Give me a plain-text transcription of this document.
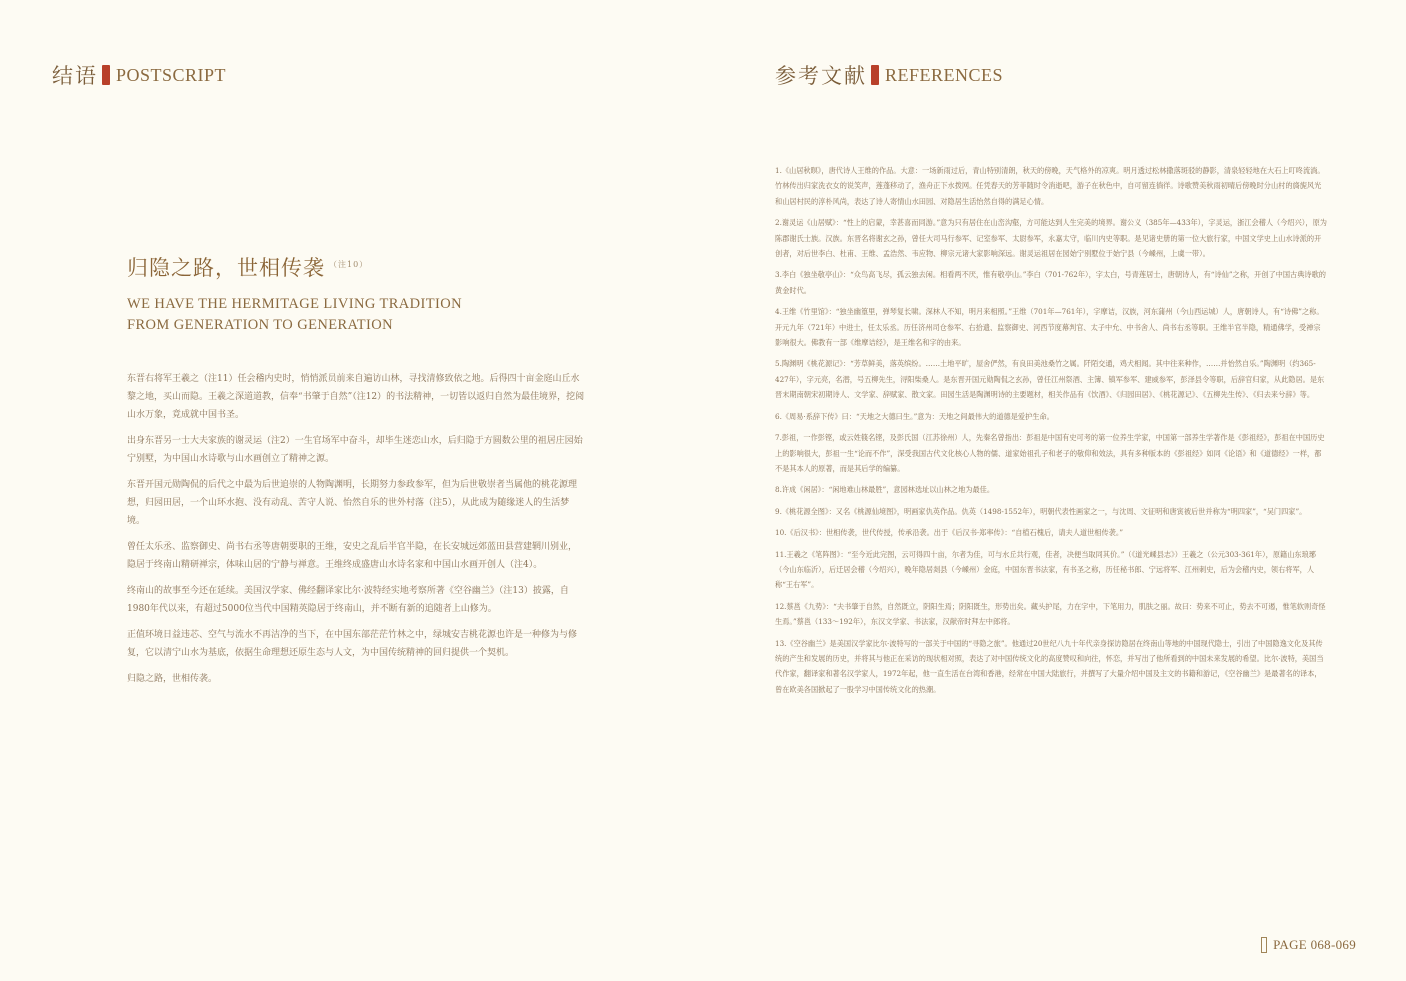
结语 POSTSCRIPT
归隐之路，世相传袭 $^{(注10)}$
WE HAVE THE HERMITAGE LIVING TRADITION
FROM GENERATION TO GENERATION

东晋右将军王羲之（注11）任会稽内史时，悄悄派员前来自遍访山林，寻找清修致依之地。后得四十亩金庭山丘水黎之地，买山而隐。王羲之深道道教，信奉“书肇于自然”（注12）的书法精神，一切皆以返归自然为最佳境界，挖阅山水万象，竟成就中国书圣。

出身东晋另一士大夫家族的谢灵运（注2）一生官场军中奋斗，却毕生迷恋山水，后归隐于方圆数公里的祖居庄园始宁别墅，为中国山水诗歌与山水画创立了精神之源。

东晋开国元勋陶侃的后代之中最为后世追崇的人物陶渊明，长期努力参政参军，但为后世敬崇者当属他的桃花源理想，归园田居，一个山环水抱、没有动乱、苦守人说、怡然自乐的世外村落（注5），从此成为随缘迷人的生活梦境。

曾任太乐丞、监察御史、尚书右丞等唐朝要职的王维，安史之乱后半官半隐，在长安城远郊蓝田县营建辋川别业，隐居于终南山精研禅宗，体味山居的宁静与禅意。王维终成盛唐山水诗名家和中国山水画开创人（注4）。

终南山的故事至今还在延续。美国汉学家、佛经翻译家比尔·波特经实地考察所著《空谷幽兰》（注13）披露，自1980年代以来，有超过5000位当代中国精英隐居于终南山，并不断有新的追随者上山修为。

正值环境日益违芯、空气与流水不再洁净的当下，在中国东部茫茫竹林之中，绿城安吉桃花源也许是一种修为与修复，它以清宁山水为基底，依据生命理想还原生态与人文，为中国传统精神的回归提供一个契机。

归隐之路，世相传袭。

参考文献 REFERENCES

1.《山居秋暝》，唐代诗人王维的作品。大意：一场新雨过后，青山特别清朗，秋天的傍晚，天气格外的凉爽。明月透过松林撒落斑驳的静影，清泉轻轻地在大石上叮咚流淌。竹林传出归家洗衣女的说笑声，莲蓬移动了，渔舟正下水拨网。任凭春天的芳菲随时令消逝吧，游子在秋色中，自可留连徜徉。诗歌赞美秋雨初晴后傍晚时分山村的旖旎风光和山居村民的淳朴风尚，表达了诗人寄情山水田园、对隐居生活怡然自得的满足心情。

2.谢灵运《山居赋》：“性上的启蒙，幸甚喜而同游。”意为只有居住在山峦沟壑，方可能达到人生完美的境界。谢公义（385年—433年），字灵运，浙江会稽人（今绍兴），原为陈郡谢氏士族。汉族。东晋名将谢玄之孙，曾任大司马行参军、记室参军、太尉参军，永嘉太守，临川内史等职。是见诸史册的第一位大旅行家，中国文学史上山水诗派的开创者，对后世李白、杜甫、王维、孟浩然、韦应物、柳宗元诸大家影响深远。谢灵运祖居在园始宁别墅位于始宁县（今嵊州，上虞一带）。

3.李白《独坐敬亭山》：“众鸟高飞尽，孤云独去闲。相看两不厌，惟有敬亭山。”李白（701-762年），字太白，号青莲居士，唐朝诗人，有“诗仙”之称，开创了中国古典诗歌的黄金时代。

4.王维《竹里馆》：“独坐幽篁里，弹琴复长啸。深林人不知，明月来相照。”王维（701年—761年），字摩诘，汉族，河东蒲州（今山西运城）人，唐朝诗人，有“诗佛”之称。开元九年（721年）中进士，任太乐丞。历任济州司仓参军、右拾遗、监察御史、河西节度幕判官、太子中允、中书舍人、尚书右丞等职。王维半官半隐，精通佛学，受禅宗影响很大。佛教有一部《维摩诘经》，是王维名和字的由来。

5.陶渊明《桃花源记》：“芳草鲜美，落英缤纷。……土地平旷，屋舍俨然，有良田美池桑竹之属。阡陌交通，鸡犬相闻。其中往来种作，……并怡然自乐。”陶渊明（约365-427年），字元亮，名潜，号五柳先生，浔阳柴桑人。是东晋开国元勋陶侃之玄孙，曾任江州祭酒、主簿、镇军参军、建威参军，彭泽县令等职，后辞官归家，从此隐居。是东晋末期南朝宋初期诗人、文学家、辞赋家、散文家。田园生活是陶渊明诗的主要题材，相关作品有《饮酒》、《归园田居》、《桃花源记》、《五柳先生传》、《归去来兮辞》等。

6.《周易·系辞下传》曰：“天地之大德曰生。”意为：天地之间最伟大的道德是爱护生命。

7.彭祖，一作彭铿，或云姓篯名铿，及彭氏国（江苏徐州）人，先秦名曾指出：彭祖是中国有史可考的第一位养生学家，中国第一部养生学著作是《彭祖经》，彭祖在中国历史上的影响很大，彭祖一生“论而不作”，深受我国古代文化核心人物的儒、道家始祖孔子和老子的敬仰和效法，具有多种版本的《彭祖经》如同《论语》和《道德经》一样，都不是其本人的原著，而是其后学的编纂。

8.许成《闲居》：“闲地难山林最胜”，意园林选址以山林之地为最佳。

9.《桃花源全图》：又名《桃源仙境图》，明画家仇英作品。仇英（1498-1552年），明朝代表性画家之一，与沈周、文征明和唐寅被后世并称为“明四家”，“吴门四家”。

10.《后汉书》：世相传袭，世代传授，传承沿袭。出于《后汉书·郑率传》：“自植石槐后，请夫人道世相传袭。”

11.王羲之《笔阵图》：“至今近此完图，云可得四十亩，尔者为佳，可与水丘共行观，佳者，决便当取同其价。”（《道光嵊县志》）王羲之（公元303-361年），原籍山东琅琊（今山东临沂），后迁居会稽（今绍兴），晚年隐居剡县（今嵊州）金庭，中国东晋书法家，有书圣之称，历任秘书郎、宁远将军、江州刺史，后为会稽内史，领右将军，人称“王右军”。

12.蔡邕《九势》：“夫书肇于自然，自然既立，阴阳生焉；阴阳既生，形势出矣。藏头护尾，力在字中，下笔用力，肌肤之丽。故曰：势来不可止，势去不可遏，惟笔软则奇怪生焉。”蔡邕（133～192年），东汉文学家、书法家，汉献帝时拜左中郎将。

13.《空谷幽兰》是美国汉学家比尔·波特写的一部关于中国的“寻隐之旅”。他通过20世纪八九十年代亲身探访隐居在终南山等地的中国现代隐士，引出了中国隐逸文化及其传统的产生和发展的历史，并将其与他正在采访的现状相对照，表达了对中国传统文化的高度赞叹和向往，怀恋，并写出了他所看到的中国未来发展的希望。比尔·波特，美国当代作家，翻译家和著名汉学家人，1972年起，他一直生活在台湾和香港，经常在中国大陆旅行，并撰写了大量介绍中国及主文的书籍和游记，《空谷幽兰》是最著名的译本，曾在欧美各国掀起了一股学习中国传统文化的热潮。

PAGE 068-069
